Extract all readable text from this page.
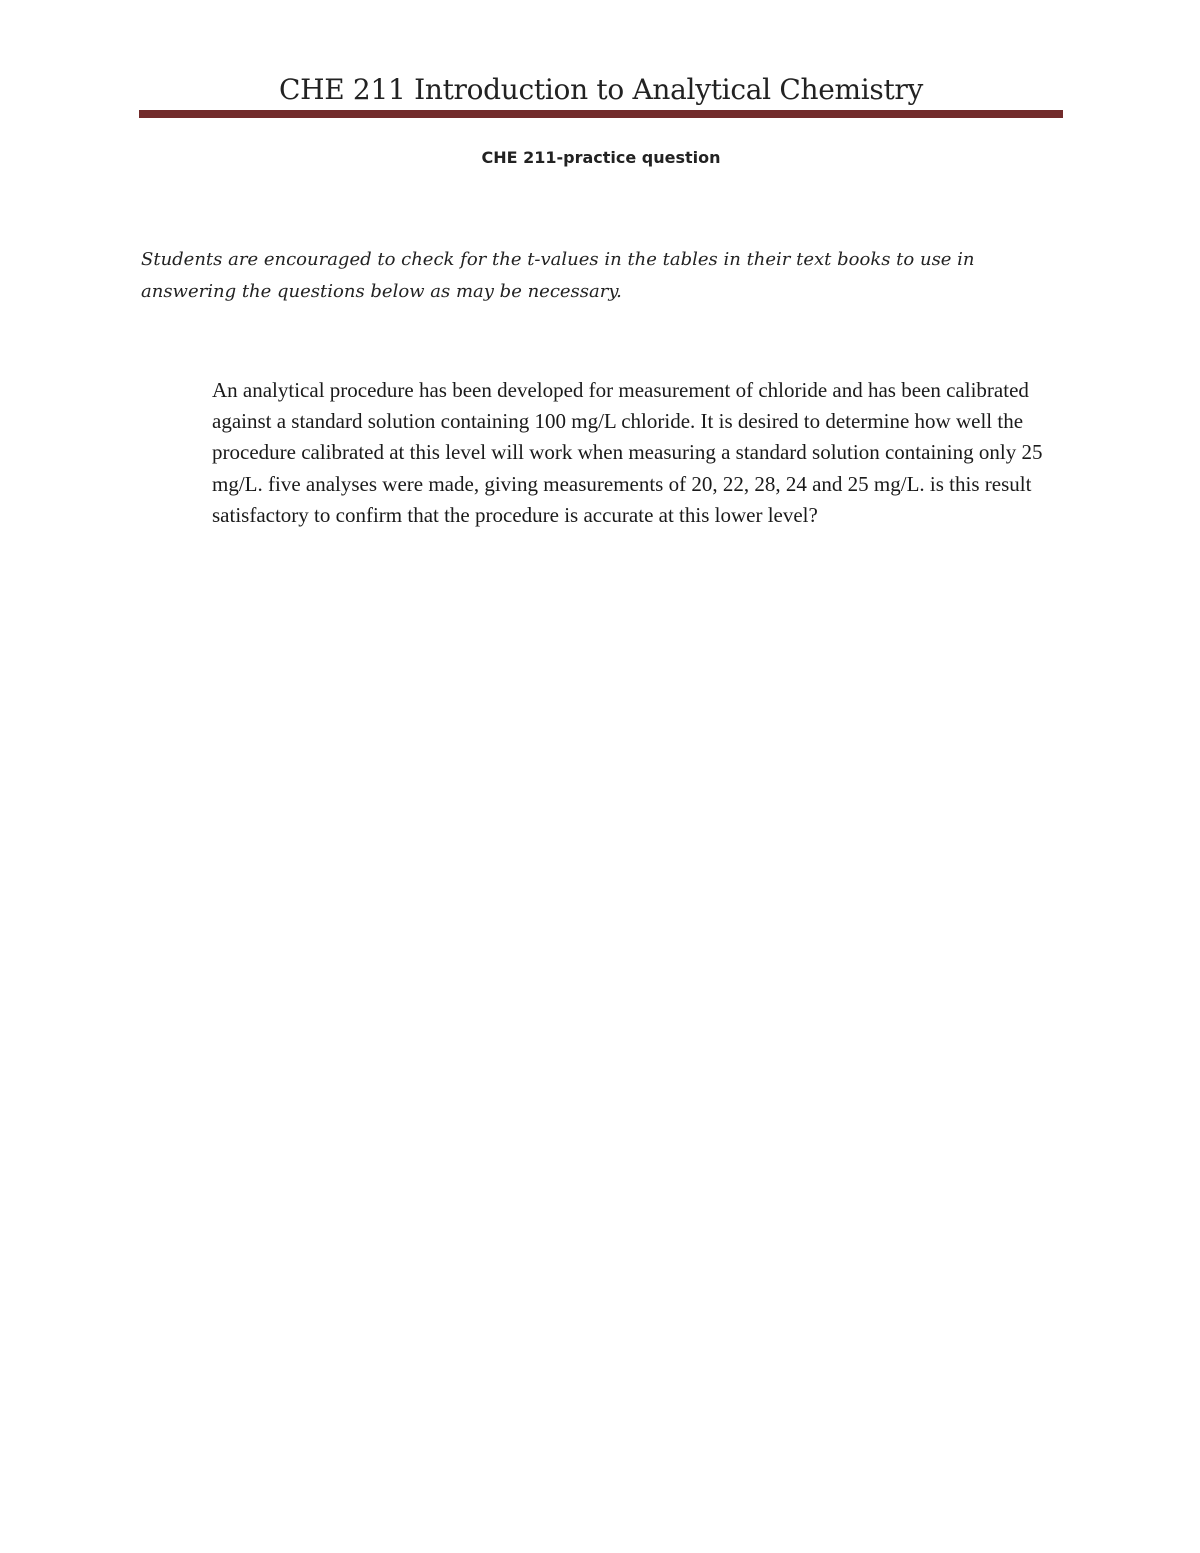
CHE 211 Introduction to Analytical Chemistry
CHE 211-practice question

Students are encouraged to check for the t-values in the tables in their text books to use in answering the questions below as may be necessary.

An analytical procedure has been developed for measurement of chloride and has been calibrated against a standard solution containing 100 mg/L chloride. It is desired to determine how well the procedure calibrated at this level will work when measuring a standard solution containing only 25 mg/L. five analyses were made, giving measurements of 20, 22, 28, 24 and 25 mg/L. is this result satisfactory to confirm that the procedure is accurate at this lower level?
